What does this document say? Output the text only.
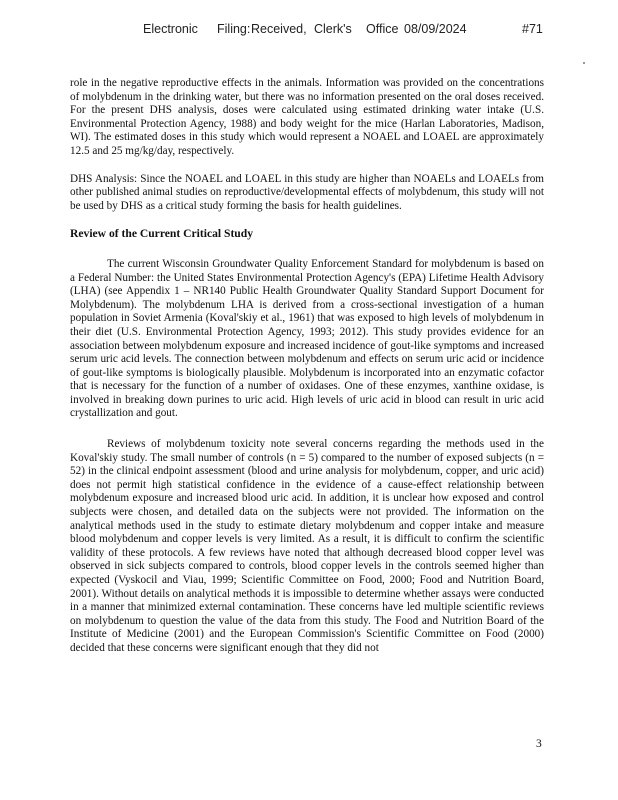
Electronic Filing: Received, Clerk's Office 08/09/2024	#71

role in the negative reproductive effects in the animals. Information was provided on the concentrations of molybdenum in the drinking water, but there was no information presented on the oral doses received. For the present DHS analysis, doses were calculated using estimated drinking water intake (U.S. Environmental Protection Agency, 1988) and body weight for the mice (Harlan Laboratories, Madison, WI). The estimated doses in this study which would represent a NOAEL and LOAEL are approximately 12.5 and 25 mg/kg/day, respectively.

DHS Analysis: Since the NOAEL and LOAEL in this study are higher than NOAELs and LOAELs from other published animal studies on reproductive/developmental effects of molybdenum, this study will not be used by DHS as a critical study forming the basis for health guidelines.

Review of the Current Critical Study

The current Wisconsin Groundwater Quality Enforcement Standard for molybdenum is based on a Federal Number: the United States Environmental Protection Agency's (EPA) Lifetime Health Advisory (LHA) (see Appendix 1 – NR140 Public Health Groundwater Quality Standard Support Document for Molybdenum). The molybdenum LHA is derived from a cross-sectional investigation of a human population in Soviet Armenia (Koval'skiy et al., 1961) that was exposed to high levels of molybdenum in their diet (U.S. Environmental Protection Agency, 1993; 2012). This study provides evidence for an association between molybdenum exposure and increased incidence of gout-like symptoms and increased serum uric acid levels. The connection between molybdenum and effects on serum uric acid or incidence of gout-like symptoms is biologically plausible. Molybdenum is incorporated into an enzymatic cofactor that is necessary for the function of a number of oxidases. One of these enzymes, xanthine oxidase, is involved in breaking down purines to uric acid. High levels of uric acid in blood can result in uric acid crystallization and gout.

Reviews of molybdenum toxicity note several concerns regarding the methods used in the Koval'skiy study. The small number of controls (n = 5) compared to the number of exposed subjects (n = 52) in the clinical endpoint assessment (blood and urine analysis for molybdenum, copper, and uric acid) does not permit high statistical confidence in the evidence of a cause-effect relationship between molybdenum exposure and increased blood uric acid. In addition, it is unclear how exposed and control subjects were chosen, and detailed data on the subjects were not provided. The information on the analytical methods used in the study to estimate dietary molybdenum and copper intake and measure blood molybdenum and copper levels is very limited. As a result, it is difficult to confirm the scientific validity of these protocols. A few reviews have noted that although decreased blood copper level was observed in sick subjects compared to controls, blood copper levels in the controls seemed higher than expected (Vyskocil and Viau, 1999; Scientific Committee on Food, 2000; Food and Nutrition Board, 2001). Without details on analytical methods it is impossible to determine whether assays were conducted in a manner that minimized external contamination. These concerns have led multiple scientific reviews on molybdenum to question the value of the data from this study. The Food and Nutrition Board of the Institute of Medicine (2001) and the European Commission's Scientific Committee on Food (2000) decided that these concerns were significant enough that they did not

3
